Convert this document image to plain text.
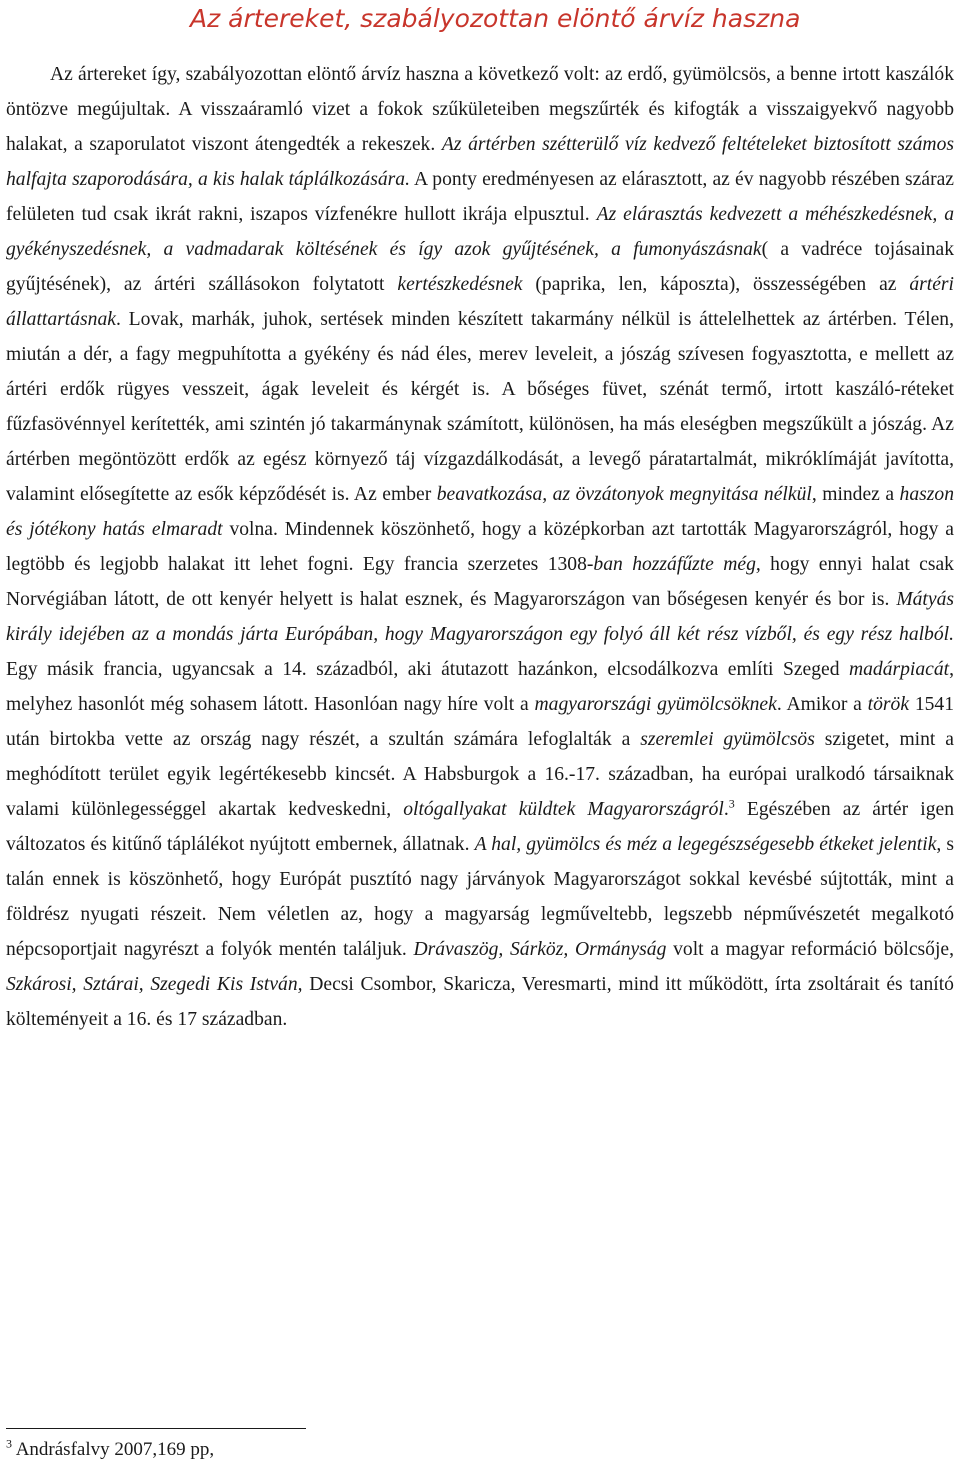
Az ártereket, szabályozottan elöntő árvíz haszna

Az ártereket így, szabályozottan elöntő árvíz haszna a következő volt: az erdő, gyümölcsös, a benne irtott kaszálók öntözve megújultak. A visszaáramló vizet a fokok szűkületeiben megszűrték és kifogták a visszaigyekvő nagyobb halakat, a szaporulatot viszont átengedték a rekeszek. Az ártérben szétterülő víz kedvező feltételeket biztosított számos halfajta szaporodására, a kis halak táplálkozására. A ponty eredményesen az elárasztott, az év nagyobb részében száraz felületen tud csak ikrát rakni, iszapos vízfenékre hullott ikrája elpusztul. Az elárasztás kedvezett a méhészkedésnek, a gyékényszedésnek, a vadmadarak költésének és így azok gyűjtésének, a fumonyászásnak( a vadréce tojásainak gyűjtésének), az ártéri szállásokon folytatott kertészkedésnek (paprika, len, káposzta), összességében az ártéri állattartásnak. Lovak, marhák, juhok, sertések minden készített takarmány nélkül is áttelelhettek az ártérben. Télen, miután a dér, a fagy megpuhította a gyékény és nád éles, merev leveleit, a jószág szívesen fogyasztotta, e mellett az ártéri erdők rügyes vesszeit, ágak leveleit és kérgét is. A bőséges füvet, szénát termő, irtott kaszáló-réteket fűzfasövénnyel kerítették, ami szintén jó takarmánynak számított, különösen, ha más eleségben megszűkült a jószág. Az ártérben megöntözött erdők az egész környező táj vízgazdálkodását, a levegő páratartalmát, mikróklímáját javította, valamint elősegítette az esők képződését is. Az ember beavatkozása, az övzátonyok megnyitása nélkül, mindez a haszon és jótékony hatás elmaradt volna. Mindennek köszönhető, hogy a középkorban azt tartották Magyarországról, hogy a legtöbb és legjobb halakat itt lehet fogni. Egy francia szerzetes 1308-ban hozzáfűzte még, hogy ennyi halat csak Norvégiában látott, de ott kenyér helyett is halat esznek, és Magyarországon van bőségesen kenyér és bor is. Mátyás király idejében az a mondás járta Európában, hogy Magyarországon egy folyó áll két rész vízből, és egy rész halból. Egy másik francia, ugyancsak a 14. századból, aki átutazott hazánkon, elcsodálkozva említi Szeged madárpiacát, melyhez hasonlót még sohasem látott. Hasonlóan nagy híre volt a magyarországi gyümölcsöknek. Amikor a török 1541 után birtokba vette az ország nagy részét, a szultán számára lefoglalták a szeremlei gyümölcsös szigetet, mint a meghódított terület egyik legértékesebb kincsét. A Habsburgok a 16.-17. században, ha európai uralkodó társaiknak valami különlegességgel akartak kedveskedni, oltógallyakat küldtek Magyarországról.$^3$ Egészében az ártér igen változatos és kitűnő táplálékot nyújtott embernek, állatnak. A hal, gyümölcs és méz a legegészségesebb étkeket jelentik, s talán ennek is köszönhető, hogy Európát pusztító nagy járványok Magyarországot sokkal kevésbé sújtották, mint a földrész nyugati részeit. Nem véletlen az, hogy a magyarság legműveltebb, legszebb népművészetét megalkotó népcsoportjait nagyrészt a folyók mentén találjuk. Drávaszög, Sárköz, Ormányság volt a magyar reformáció bölcsője, Szkárosi, Sztárai, Szegedi Kis István, Decsi Csombor, Skaricza, Veresmarti, mind itt működött, írta zsoltárait és tanító költeményeit a 16. és 17 században.

$^3$ Andrásfalvy 2007,169 pp,
